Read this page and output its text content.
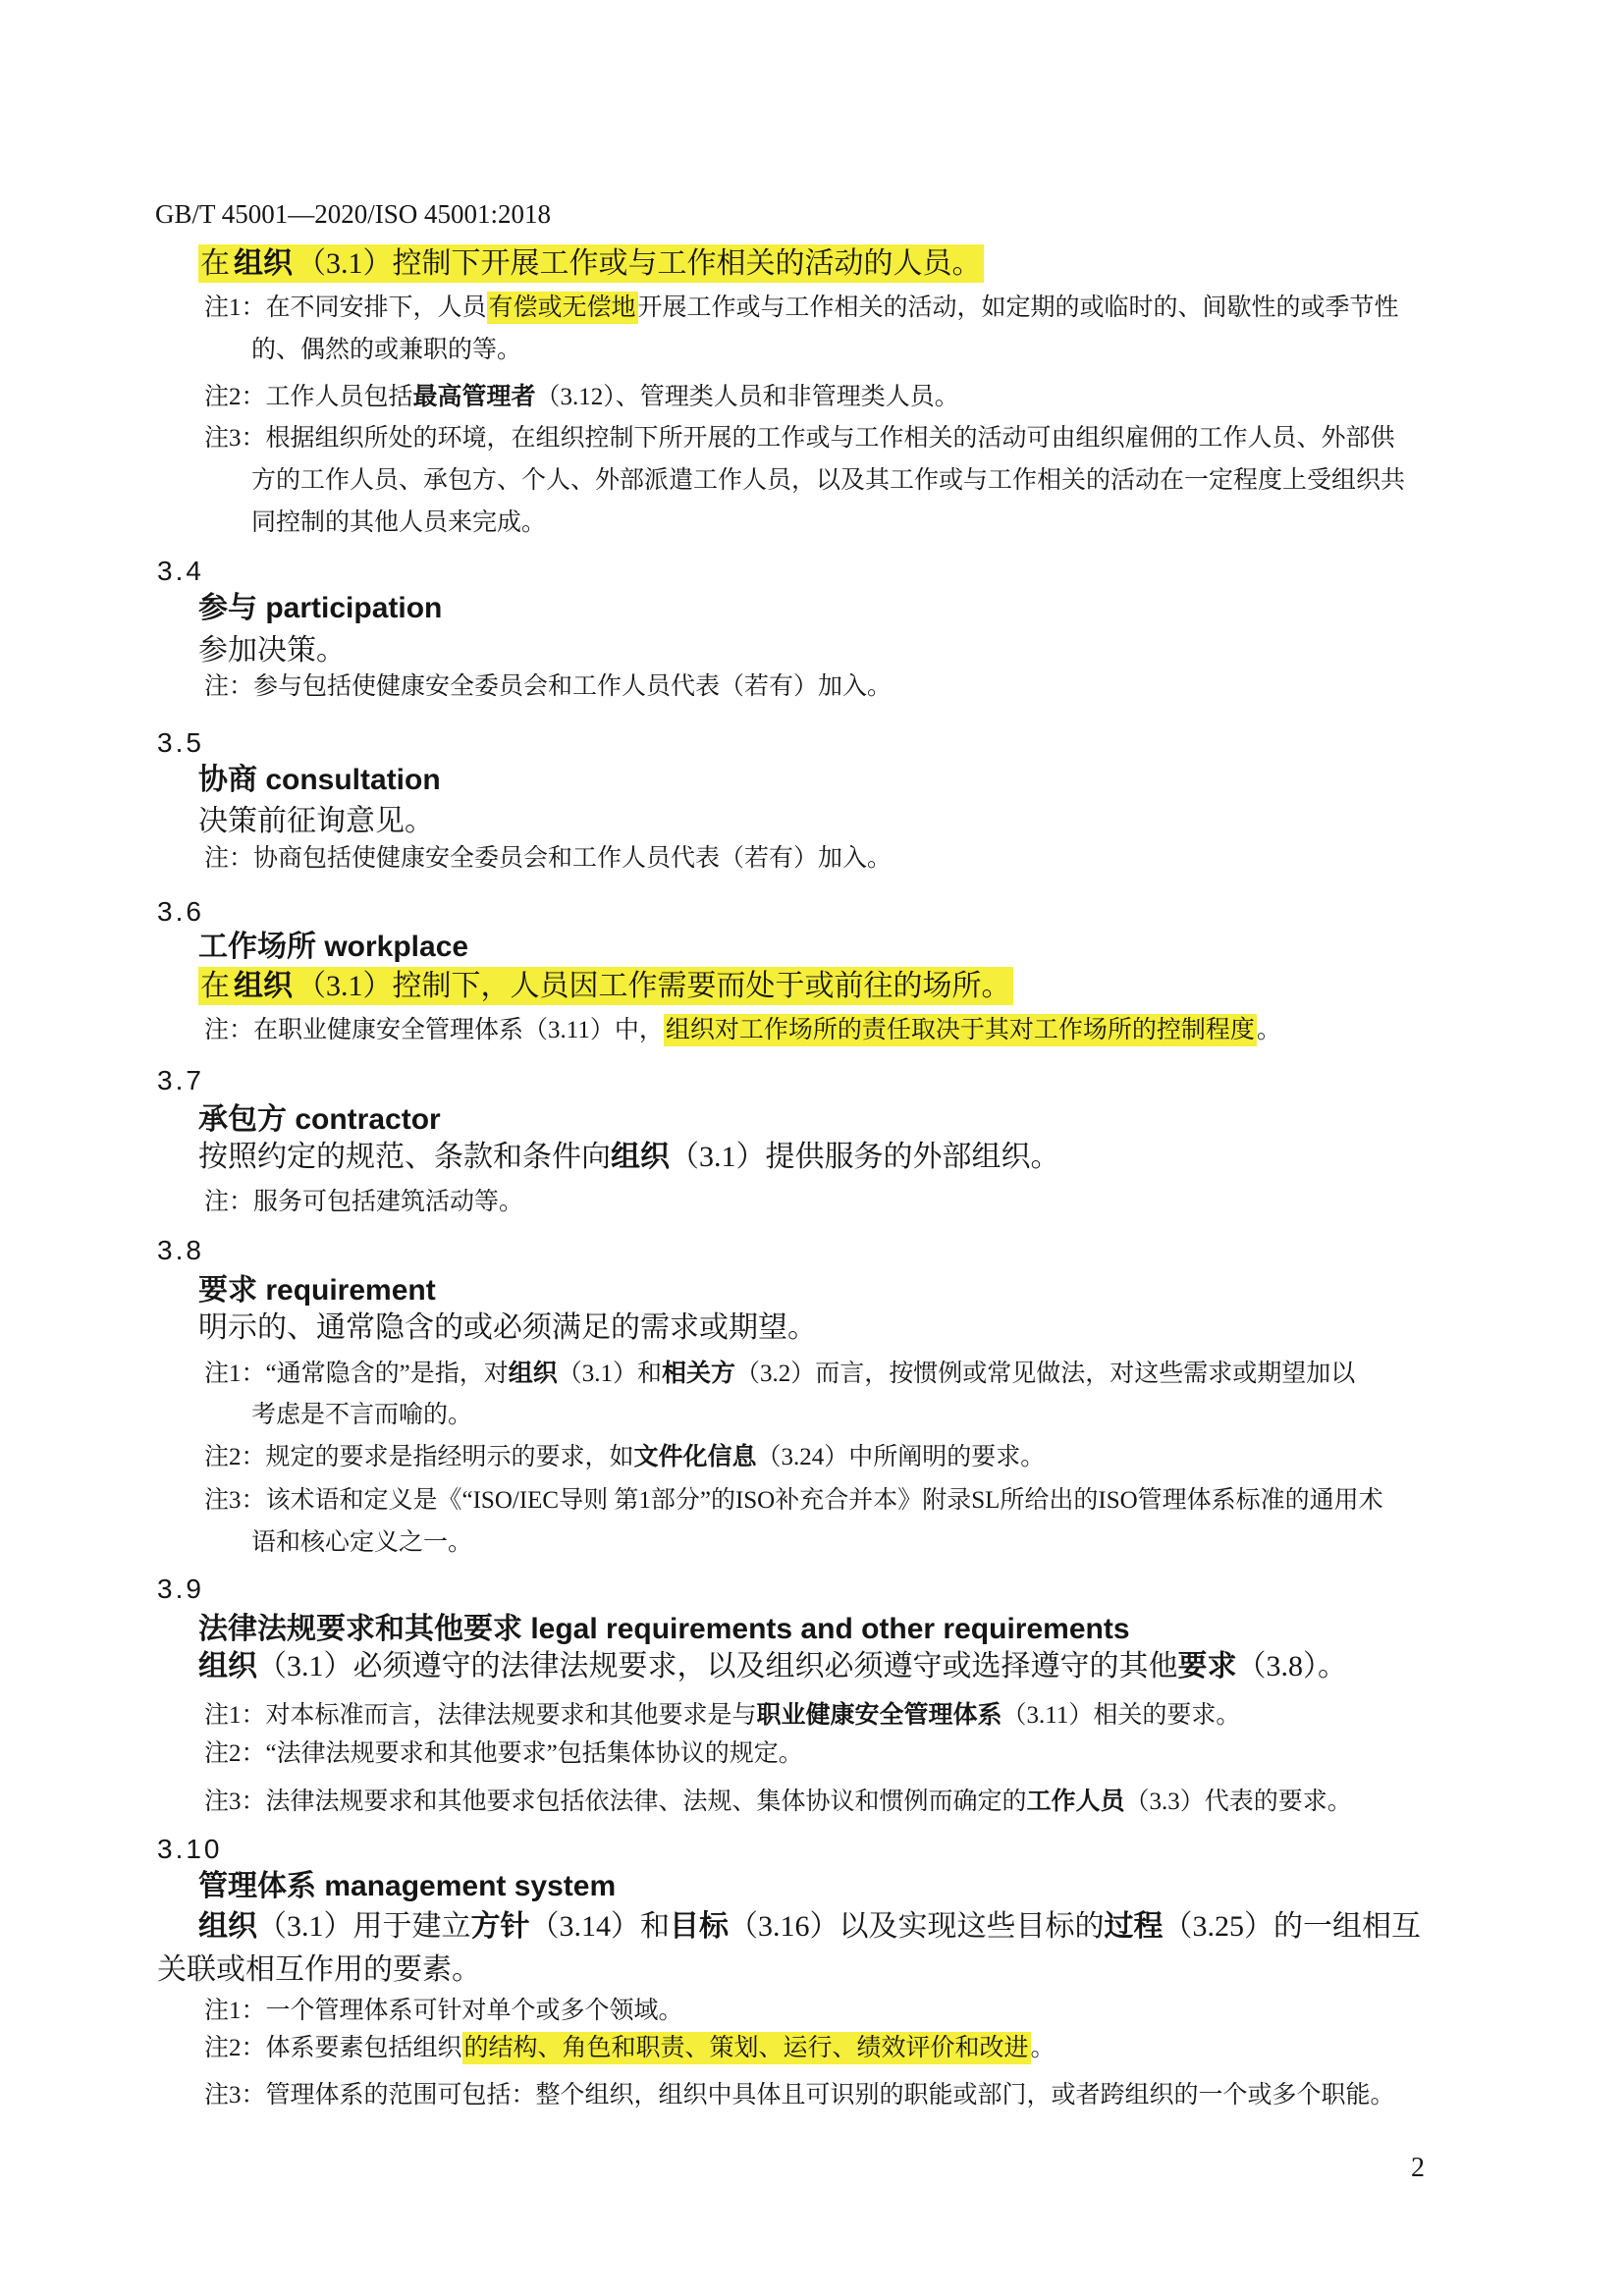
GB/T 45001—2020/ISO 45001:2018
在 组织 （3.1）控制下开展工作或与工作相关的活动的人员。
注1：在不同安排下，人员有偿或无偿地开展工作或与工作相关的活动，如定期的或临时的、间歇性的或季节性
的、偶然的或兼职的等。
注2：工作人员包括最高管理者（3.12）、管理类人员和非管理类人员。
注3：根据组织所处的环境，在组织控制下所开展的工作或与工作相关的活动可由组织雇佣的工作人员、外部供
方的工作人员、承包方、个人、外部派遣工作人员，以及其工作或与工作相关的活动在一定程度上受组织共
同控制的其他人员来完成。
3.4
参与 participation
参加决策。
注：参与包括使健康安全委员会和工作人员代表（若有）加入。
3.5
协商 consultation
决策前征询意见。
注：协商包括使健康安全委员会和工作人员代表（若有）加入。
3.6
工作场所 workplace
在 组织 （3.1）控制下，人员因工作需要而处于或前往的场所。
注：在职业健康安全管理体系（3.11）中，组织对工作场所的责任取决于其对工作场所的控制程度。
3.7
承包方 contractor
按照约定的规范、条款和条件向组织（3.1）提供服务的外部组织。
注：服务可包括建筑活动等。
3.8
要求 requirement
明示的、通常隐含的或必须满足的需求或期望。
注1：“通常隐含的”是指，对组织（3.1）和相关方（3.2）而言，按惯例或常见做法，对这些需求或期望加以
考虑是不言而喻的。
注2：规定的要求是指经明示的要求，如文件化信息（3.24）中所阐明的要求。
注3：该术语和定义是《“ISO/IEC导则 第1部分”的ISO补充合并本》附录SL所给出的ISO管理体系标准的通用术
语和核心定义之一。
3.9
法律法规要求和其他要求 legal requirements and other requirements
组织（3.1）必须遵守的法律法规要求，以及组织必须遵守或选择遵守的其他要求（3.8）。
注1：对本标准而言，法律法规要求和其他要求是与职业健康安全管理体系（3.11）相关的要求。
注2：“法律法规要求和其他要求”包括集体协议的规定。
注3：法律法规要求和其他要求包括依法律、法规、集体协议和惯例而确定的工作人员（3.3）代表的要求。
3.10
管理体系 management system
组织（3.1）用于建立方针（3.14）和目标（3.16）以及实现这些目标的过程（3.25）的一组相互
关联或相互作用的要素。
注1：一个管理体系可针对单个或多个领域。
注2：体系要素包括组织的结构、角色和职责、策划、运行、绩效评价和改进。
注3：管理体系的范围可包括：整个组织，组织中具体且可识别的职能或部门，或者跨组织的一个或多个职能。
2
